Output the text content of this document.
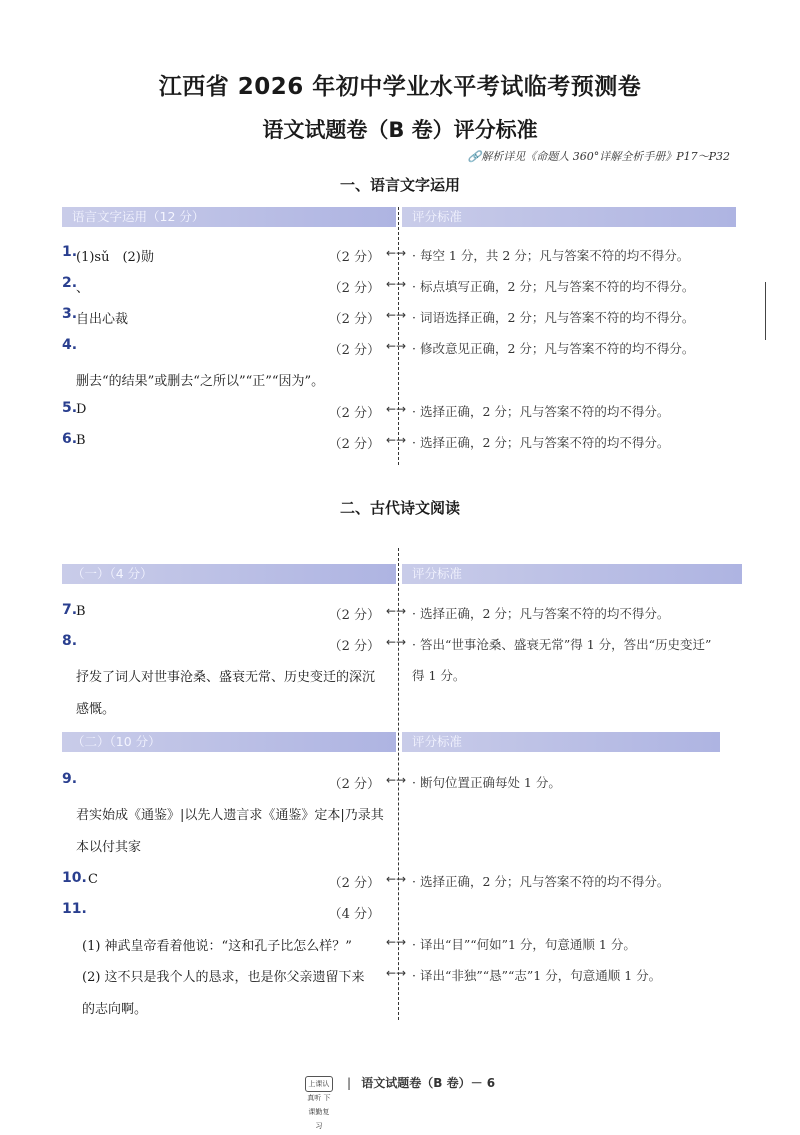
江西省 2026 年初中学业水平考试临考预测卷
语文试题卷（B 卷）评分标准
🔗解析详见《命题人 360°详解全析手册》P17～P32
一、语言文字运用
语言文字运用（12 分）	评分标准
1.
(1)sǔ　(2)勋	（2 分） ←→ · 每空 1 分，共 2 分；凡与答案不符的均不得分。
2.
、	（2 分） ←→ · 标点填写正确，2 分；凡与答案不符的均不得分。
3.
自出心裁	（2 分） ←→ · 词语选择正确，2 分；凡与答案不符的均不得分。
4.	（2 分） ←→ · 修改意见正确，2 分；凡与答案不符的均不得分。
删去“的结果”或删去“之所以”“正”“因为”。
5.
D	（2 分） ←→ · 选择正确，2 分；凡与答案不符的均不得分。
6.
B	（2 分） ←→ · 选择正确，2 分；凡与答案不符的均不得分。
二、古代诗文阅读
（一）（4 分）	评分标准
7.
B	（2 分） ←→ · 选择正确，2 分；凡与答案不符的均不得分。
8.	（2 分） ←→ · 答出“世事沧桑、盛衰无常”得 1 分，答出“历史变迁”
得 1 分。
抒发了词人对世事沧桑、盛衰无常、历史变迁的深沉
感慨。
（二）（10 分）	评分标准
9.	（2 分） ←→ · 断句位置正确每处 1 分。
君实始成《通鉴》|以先人遗言求《通鉴》定本|乃录其
本以付其家
10. C	（2 分） ←→ · 选择正确，2 分；凡与答案不符的均不得分。
11.	（4 分）
(1) 神武皇帝看着他说：“这和孔子比怎么样？”	←→ · 译出“目”“何如”1 分，句意通顺 1 分。
(2) 这不只是我个人的恳求，也是你父亲遗留下来 ←→ · 译出“非独”“恳”“志”1 分，句意通顺 1 分。
的志向啊。
上课认真听 下课勤复习 | 语文试题卷（B 卷）－ 6
